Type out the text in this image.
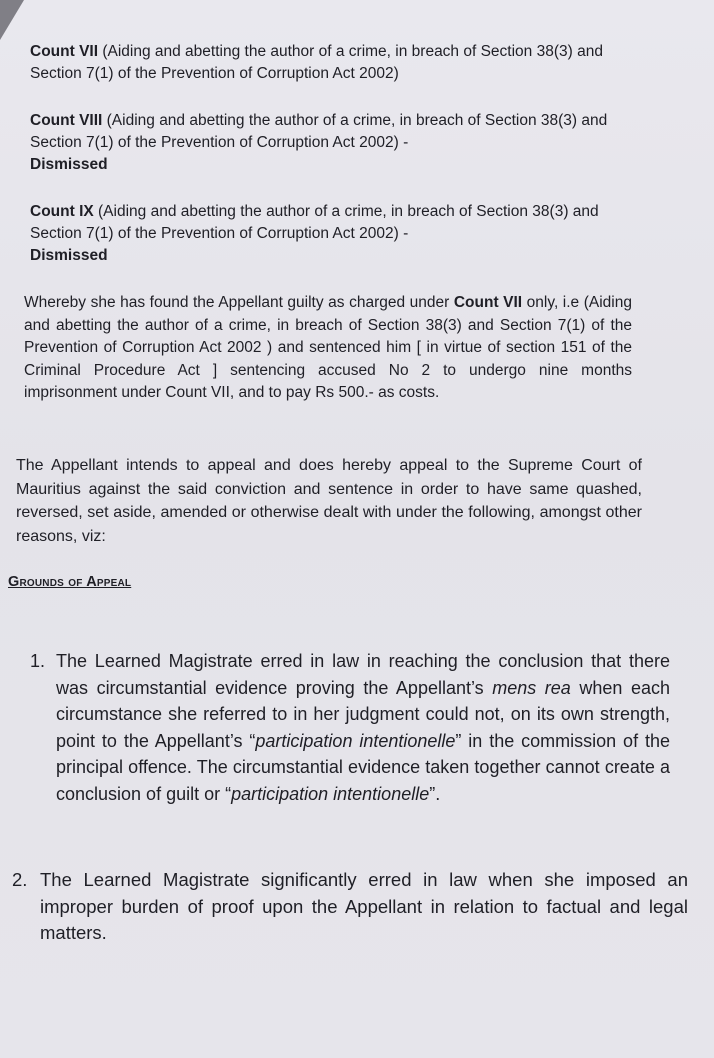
Count VII (Aiding and abetting the author of a crime, in breach of Section 38(3) and Section 7(1) of the Prevention of Corruption Act 2002)
Count VIII (Aiding and abetting the author of a crime, in breach of Section 38(3) and Section 7(1) of the Prevention of Corruption Act 2002) -
Dismissed
Count IX (Aiding and abetting the author of a crime, in breach of Section 38(3) and Section 7(1) of the Prevention of Corruption Act 2002) -
Dismissed
Whereby she has found the Appellant guilty as charged under Count VII only, i.e (Aiding and abetting the author of a crime, in breach of Section 38(3) and Section 7(1) of the Prevention of Corruption Act 2002 ) and sentenced him [ in virtue of section 151 of the Criminal Procedure Act ] sentencing accused No 2 to undergo nine months imprisonment under Count VII, and to pay Rs 500.- as costs.
The Appellant intends to appeal and does hereby appeal to the Supreme Court of Mauritius against the said conviction and sentence in order to have same quashed, reversed, set aside, amended or otherwise dealt with under the following, amongst other reasons, viz:
Grounds of Appeal
1. The Learned Magistrate erred in law in reaching the conclusion that there was circumstantial evidence proving the Appellant’s mens rea when each circumstance she referred to in her judgment could not, on its own strength, point to the Appellant’s “participation intentionelle” in the commission of the principal offence. The circumstantial evidence taken together cannot create a conclusion of guilt or “participation intentionelle”.
2. The Learned Magistrate significantly erred in law when she imposed an improper burden of proof upon the Appellant in relation to factual and legal matters.
